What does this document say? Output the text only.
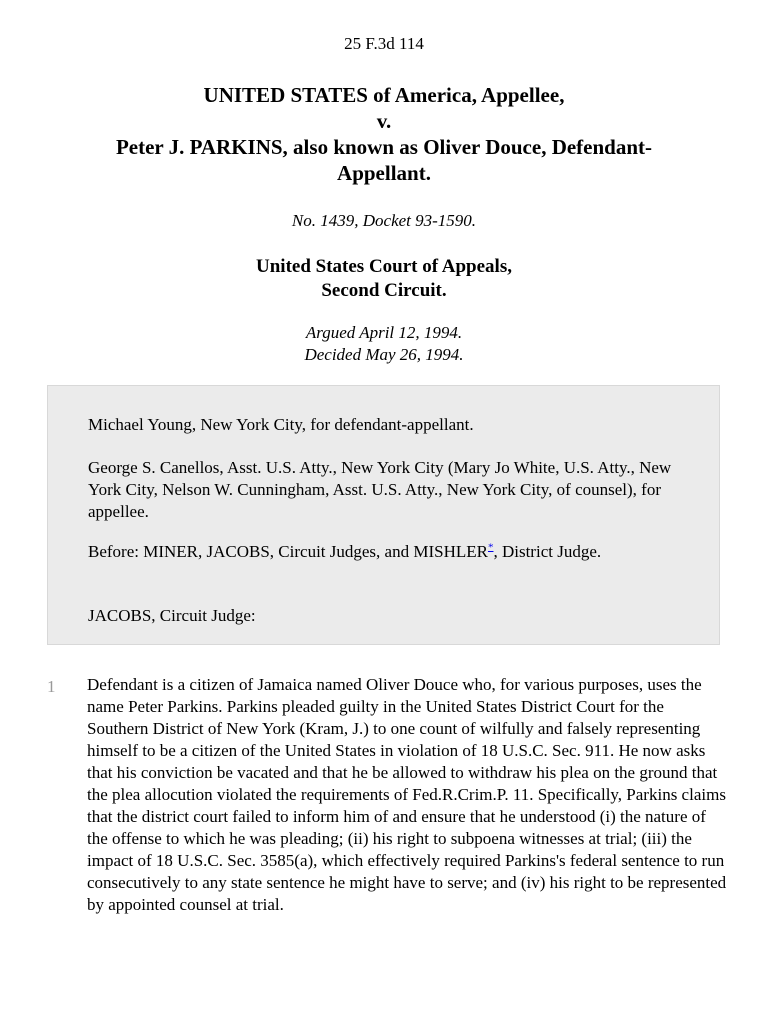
25 F.3d 114
UNITED STATES of America, Appellee,
v.
Peter J. PARKINS, also known as Oliver Douce, Defendant-
Appellant.
No. 1439, Docket 93-1590.
United States Court of Appeals,
Second Circuit.
Argued April 12, 1994.
Decided May 26, 1994.

Michael Young, New York City, for defendant-appellant.

George S. Canellos, Asst. U.S. Atty., New York City (Mary Jo White, U.S. Atty., New York City, Nelson W. Cunningham, Asst. U.S. Atty., New York City, of counsel), for appellee.

Before: MINER, JACOBS, Circuit Judges, and MISHLER*, District Judge.

JACOBS, Circuit Judge:

1 Defendant is a citizen of Jamaica named Oliver Douce who, for various purposes, uses the name Peter Parkins. Parkins pleaded guilty in the United States District Court for the Southern District of New York (Kram, J.) to one count of wilfully and falsely representing himself to be a citizen of the United States in violation of 18 U.S.C. Sec. 911. He now asks that his conviction be vacated and that he be allowed to withdraw his plea on the ground that the plea allocution violated the requirements of Fed.R.Crim.P. 11. Specifically, Parkins claims that the district court failed to inform him of and ensure that he understood (i) the nature of the offense to which he was pleading; (ii) his right to subpoena witnesses at trial; (iii) the impact of 18 U.S.C. Sec. 3585(a), which effectively required Parkins's federal sentence to run consecutively to any state sentence he might have to serve; and (iv) his right to be represented by appointed counsel at trial.
